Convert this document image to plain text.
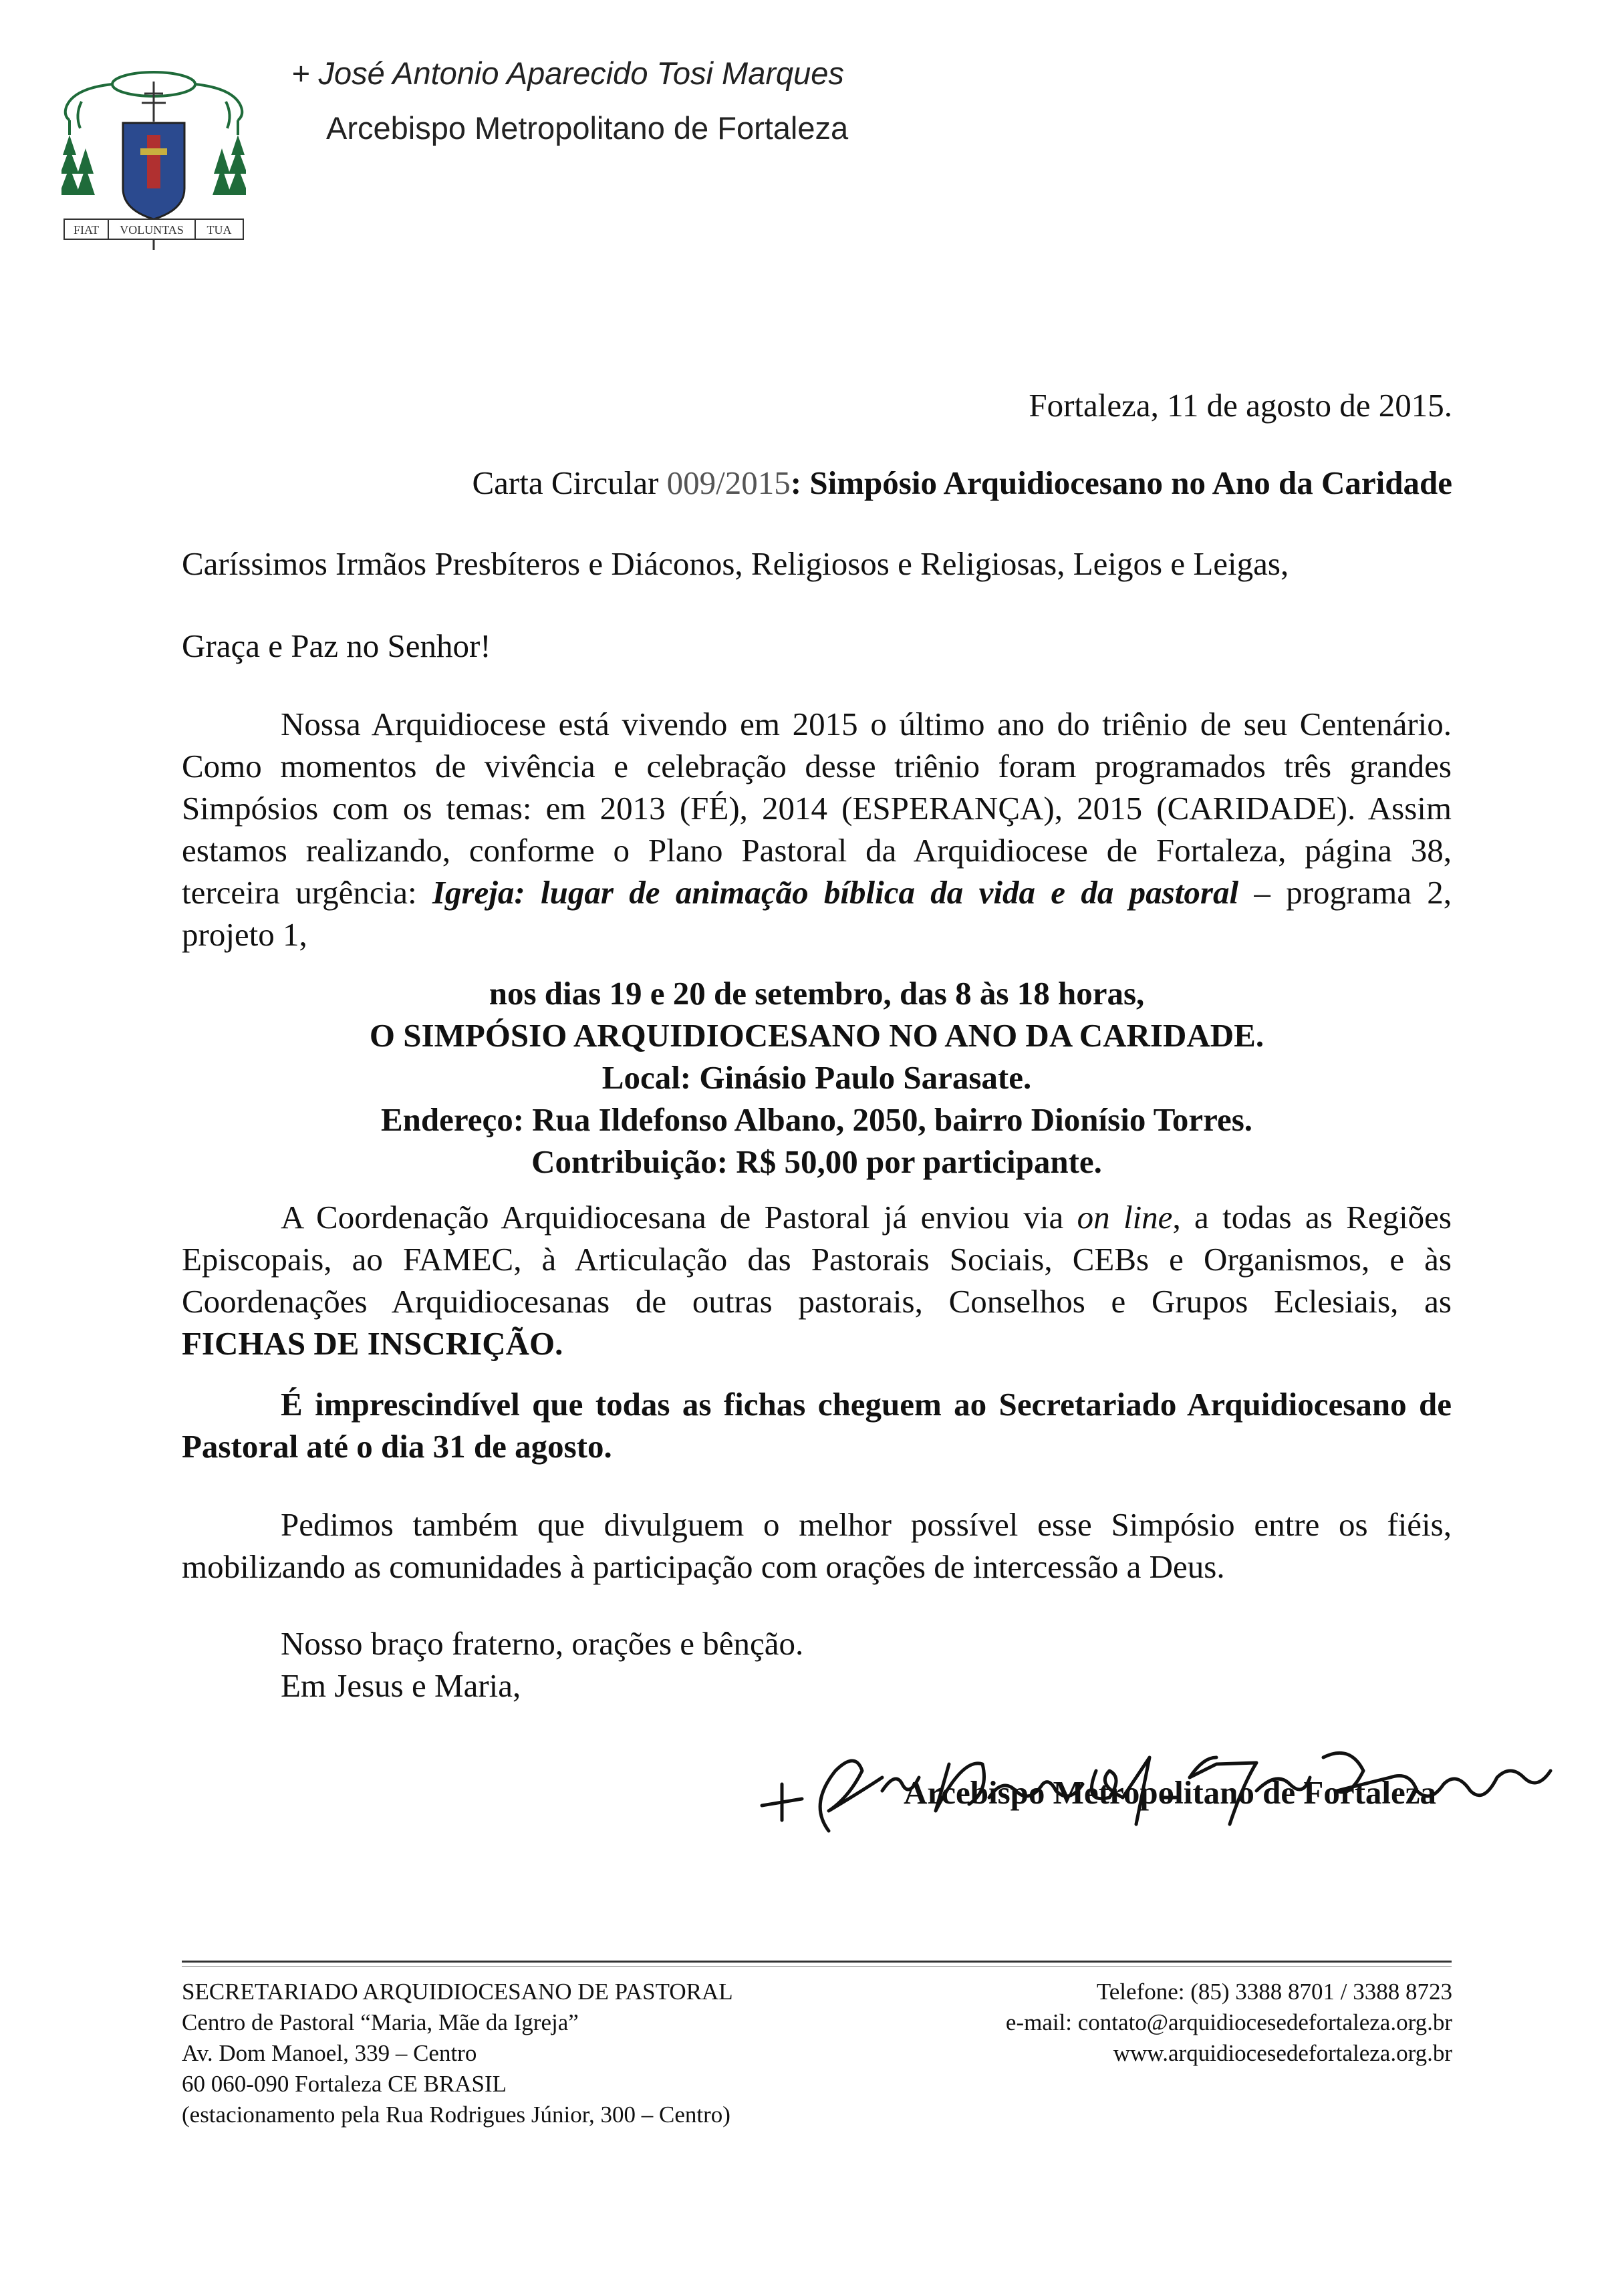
FIAT VOLUNTAS TUA
+ José Antonio Aparecido Tosi Marques
Arcebispo Metropolitano de Fortaleza
Fortaleza, 11 de agosto de 2015.
Carta Circular 009/2015: Simpósio Arquidiocesano no Ano da Caridade
Caríssimos Irmãos Presbíteros e Diáconos, Religiosos e Religiosas, Leigos e Leigas,
Graça e Paz no Senhor!
Nossa Arquidiocese está vivendo em 2015 o último ano do triênio de seu Centenário.
Como momentos de vivência e celebração desse triênio foram programados três grandes
Simpósios com os temas: em 2013 (FÉ), 2014 (ESPERANÇA), 2015 (CARIDADE). Assim
estamos realizando, conforme o Plano Pastoral da Arquidiocese de Fortaleza, página 38,
terceira urgência: Igreja: lugar de animação bíblica da vida e da pastoral – programa 2,
projeto 1,
nos dias 19 e 20 de setembro, das 8 às 18 horas,
O SIMPÓSIO ARQUIDIOCESANO NO ANO DA CARIDADE.
Local: Ginásio Paulo Sarasate.
Endereço: Rua Ildefonso Albano, 2050, bairro Dionísio Torres.
Contribuição: R$ 50,00 por participante.
A Coordenação Arquidiocesana de Pastoral já enviou via on line, a todas as Regiões
Episcopais, ao FAMEC, à Articulação das Pastorais Sociais, CEBs e Organismos, e às
Coordenações Arquidiocesanas de outras pastorais, Conselhos e Grupos Eclesiais, as
FICHAS DE INSCRIÇÃO.
É imprescindível que todas as fichas cheguem ao Secretariado Arquidiocesano de
Pastoral até o dia 31 de agosto.
Pedimos também que divulguem o melhor possível esse Simpósio entre os fiéis,
mobilizando as comunidades à participação com orações de intercessão a Deus.
Nosso braço fraterno, orações e bênção.
Em Jesus e Maria,
Arcebispo Metropolitano de Fortaleza
SECRETARIADO ARQUIDIOCESANO DE PASTORAL
Centro de Pastoral “Maria, Mãe da Igreja”
Av. Dom Manoel, 339 – Centro
60 060-090 Fortaleza CE BRASIL
(estacionamento pela Rua Rodrigues Júnior, 300 – Centro)
Telefone: (85) 3388 8701 / 3388 8723
e-mail: contato@arquidiocesedefortaleza.org.br
www.arquidiocesedefortaleza.org.br
